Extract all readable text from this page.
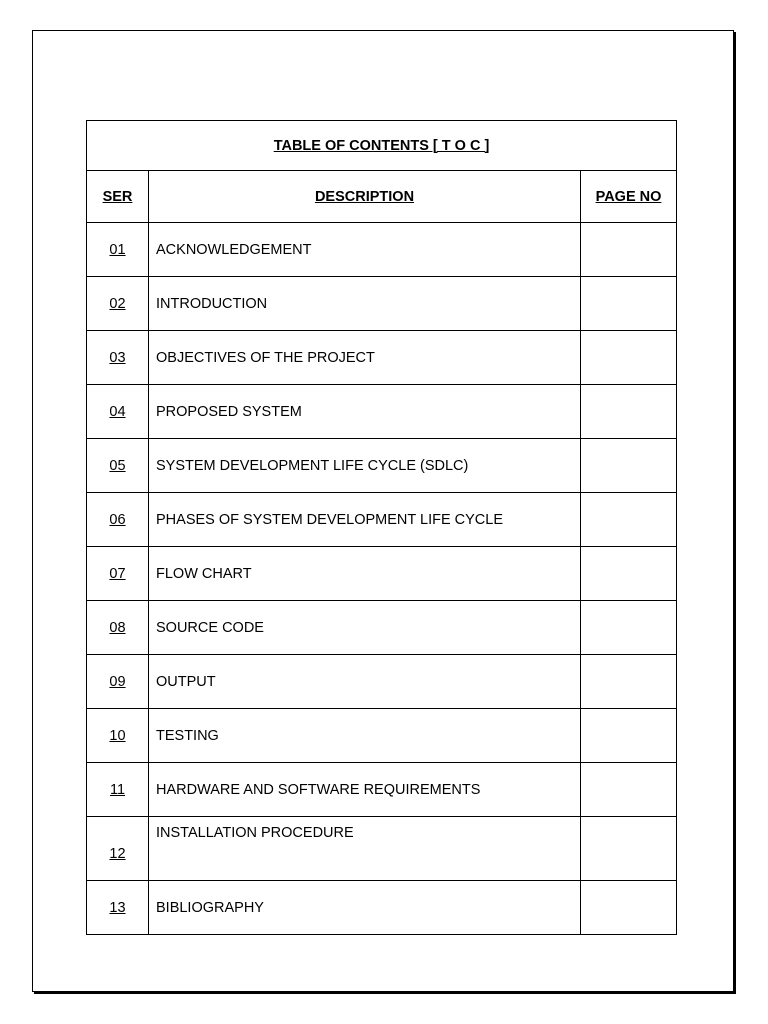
TABLE OF CONTENTS [ T O C ]		
SER	DESCRIPTION	PAGE NO
01	ACKNOWLEDGEMENT	
02	INTRODUCTION	
03	OBJECTIVES OF THE PROJECT	
04	PROPOSED SYSTEM	
05	SYSTEM DEVELOPMENT LIFE CYCLE (SDLC)	
06	PHASES OF SYSTEM DEVELOPMENT LIFE CYCLE	
07	FLOW CHART	
08	SOURCE CODE	
09	OUTPUT	
10	TESTING	
11	HARDWARE AND SOFTWARE REQUIREMENTS	
12	INSTALLATION PROCEDURE	
13	BIBLIOGRAPHY	
